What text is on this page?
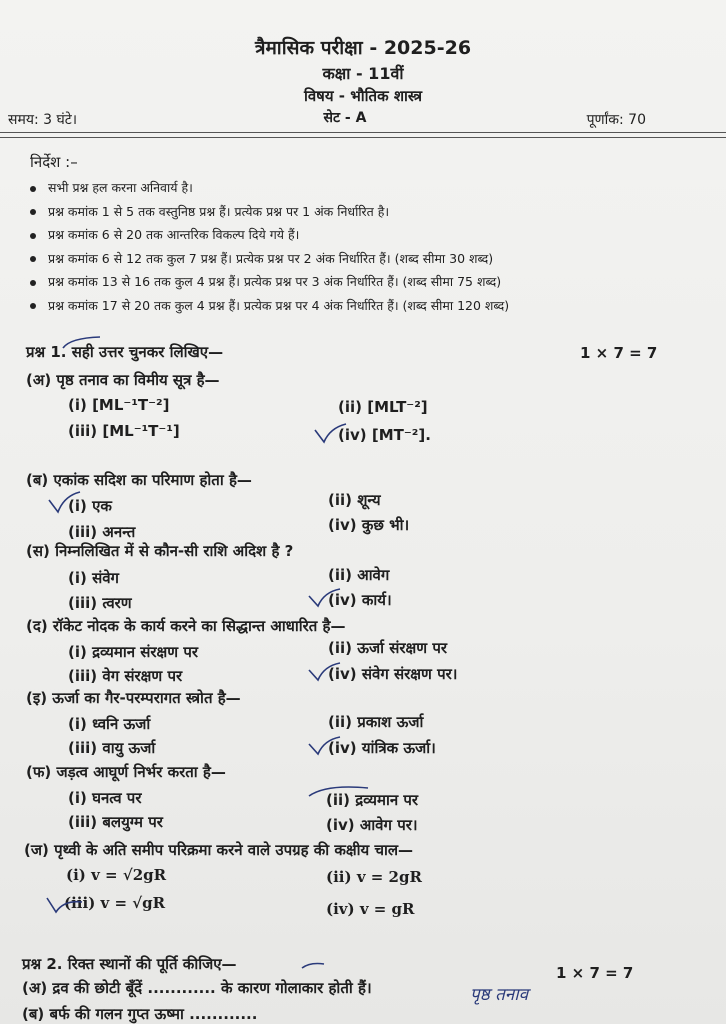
त्रैमासिक परीक्षा - 2025-26
कक्षा - 11वीं
विषय - भौतिक शास्त्र
सेट - A
समय: 3 घंटे।	पूर्णांक: 70
निर्देश :–
सभी प्रश्न हल करना अनिवार्य है।
प्रश्न कमांक 1 से 5 तक वस्तुनिष्ठ प्रश्न हैं। प्रत्येक प्रश्न पर 1 अंक निर्धारित है।
प्रश्न कमांक 6 से 20 तक आन्तरिक विकल्प दिये गये हैं।
प्रश्न कमांक 6 से 12 तक कुल 7 प्रश्न हैं। प्रत्येक प्रश्न पर 2 अंक निर्धारित हैं। (शब्द सीमा 30 शब्द)
प्रश्न कमांक 13 से 16 तक कुल 4 प्रश्न हैं। प्रत्येक प्रश्न पर 3 अंक निर्धारित हैं। (शब्द सीमा 75 शब्द)
प्रश्न कमांक 17 से 20 तक कुल 4 प्रश्न हैं। प्रत्येक प्रश्न पर 4 अंक निर्धारित हैं। (शब्द सीमा 120 शब्द)
प्रश्न 1. सही उत्तर चुनकर लिखिए—	1 × 7 = 7
(अ) पृष्ठ तनाव का विमीय सूत्र है—
(i) [ML⁻¹T⁻²]	(ii) [MLT⁻²]
(iii) [ML⁻¹T⁻¹]	(iv) [MT⁻²].
(ब) एकांक सदिश का परिमाण होता है—
(i) एक	(ii) शून्य
(iii) अनन्त	(iv) कुछ भी।
(स) निम्नलिखित में से कौन-सी राशि अदिश है ?
(i) संवेग	(ii) आवेग
(iii) त्वरण	(iv) कार्य।
(द) रॉकेट नोदक के कार्य करने का सिद्धान्त आधारित है—
(i) द्रव्यमान संरक्षण पर	(ii) ऊर्जा संरक्षण पर
(iii) वेग संरक्षण पर	(iv) संवेग संरक्षण पर।
(इ) ऊर्जा का गैर-परम्परागत स्त्रोत है—
(i) ध्वनि ऊर्जा	(ii) प्रकाश ऊर्जा
(iii) वायु ऊर्जा	(iv) यांत्रिक ऊर्जा।
(फ) जड़त्व आघूर्ण निर्भर करता है—
(i) घनत्व पर	(ii) द्रव्यमान पर
(iii) बलयुग्म पर	(iv) आवेग पर।
(ज) पृथ्वी के अति समीप परिक्रमा करने वाले उपग्रह की कक्षीय चाल—
(i) v = √2gR	(ii) v = 2gR
(iii) v = √gR	(iv) v = gR
प्रश्न 2. रिक्त स्थानों की पूर्ति कीजिए—	1 × 7 = 7
(अ) द्रव की छोटी बूँदें ............ के कारण गोलाकार होती हैं।	पृष्ठ तनाव
(ब) बर्फ की गलन गुप्त ऊष्मा ............
